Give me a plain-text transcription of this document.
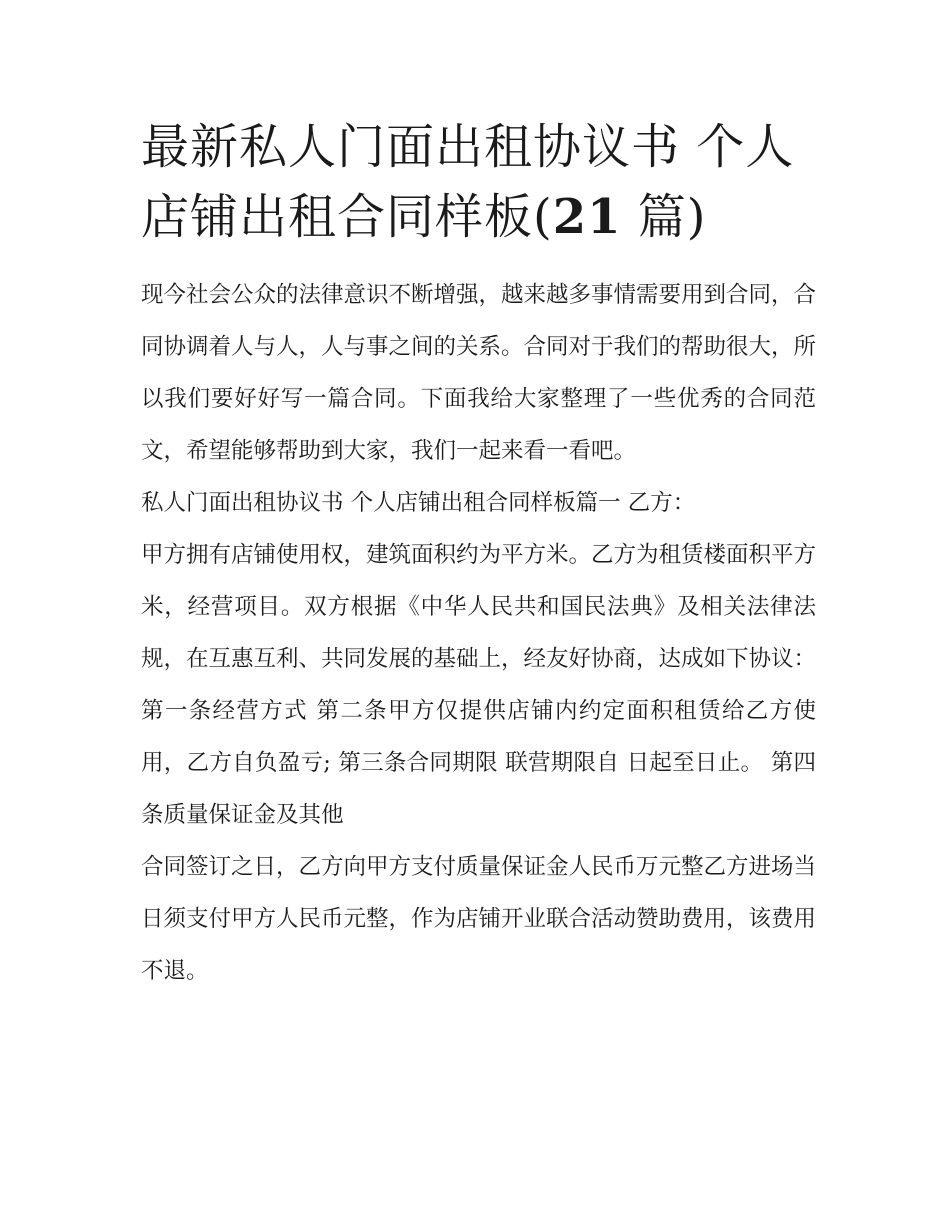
最新私人门面出租协议书 个人店铺出租合同样板(21 篇)

现今社会公众的法律意识不断增强，越来越多事情需要用到合同，合同协调着人与人，人与事之间的关系。合同对于我们的帮助很大，所以我们要好好写一篇合同。下面我给大家整理了一些优秀的合同范文，希望能够帮助到大家，我们一起来看一看吧。

私人门面出租协议书 个人店铺出租合同样板篇一 乙方：

甲方拥有店铺使用权，建筑面积约为平方米。乙方为租赁楼面积平方米，经营项目。双方根据《中华人民共和国民法典》及相关法律法规，在互惠互利、共同发展的基础上，经友好协商，达成如下协议：

第一条经营方式 第二条甲方仅提供店铺内约定面积租赁给乙方使用，乙方自负盈亏; 第三条合同期限 联营期限自 日起至日止。 第四条质量保证金及其他

合同签订之日，乙方向甲方支付质量保证金人民币万元整乙方进场当日须支付甲方人民币元整，作为店铺开业联合活动赞助费用，该费用不退。
